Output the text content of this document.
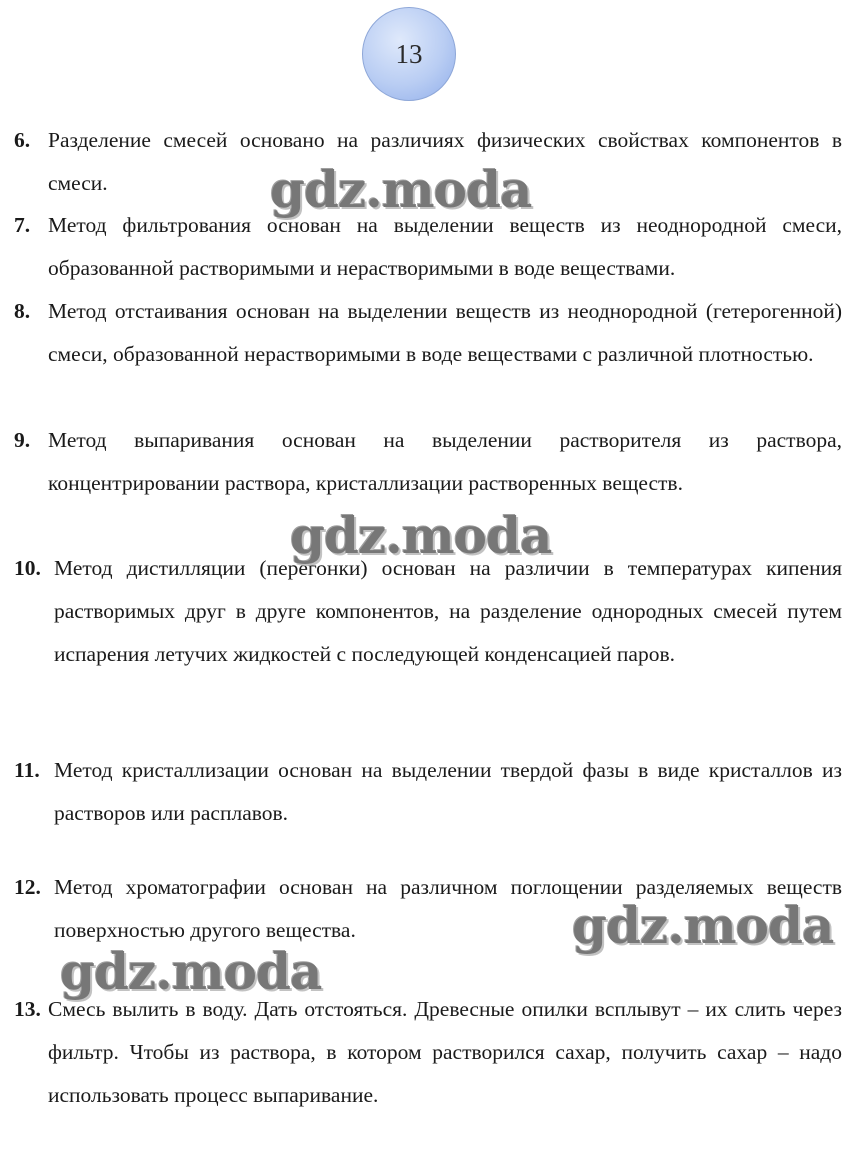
13
6. Разделение смесей основано на различиях физических свойствах компонентов в смеси.
7. Метод фильтрования основан на выделении веществ из неоднородной смеси, образованной растворимыми и нерастворимыми в воде веществами.
8. Метод отстаивания основан на выделении веществ из неоднородной (гетерогенной) смеси, образованной нерастворимыми в воде веществами с различной плотностью.
9. Метод выпаривания основан на выделении растворителя из раствора, концентрировании раствора, кристаллизации растворенных веществ.
10. Метод дистилляции (перегонки) основан на различии в температурах кипения растворимых друг в друге компонентов, на разделение однородных смесей путем испарения летучих жидкостей с последующей конденсацией паров.
11. Метод кристаллизации основан на выделении твердой фазы в виде кристаллов из растворов или расплавов.
12. Метод хроматографии основан на различном поглощении разделяемых веществ поверхностью другого вещества.
13. Смесь вылить в воду. Дать отстояться. Древесные опилки всплывут – их слить через фильтр. Чтобы из раствора, в котором растворился сахар, получить сахар – надо использовать процесс выпаривание.
gdz.moda
gdz.moda
gdz.moda
gdz.moda
